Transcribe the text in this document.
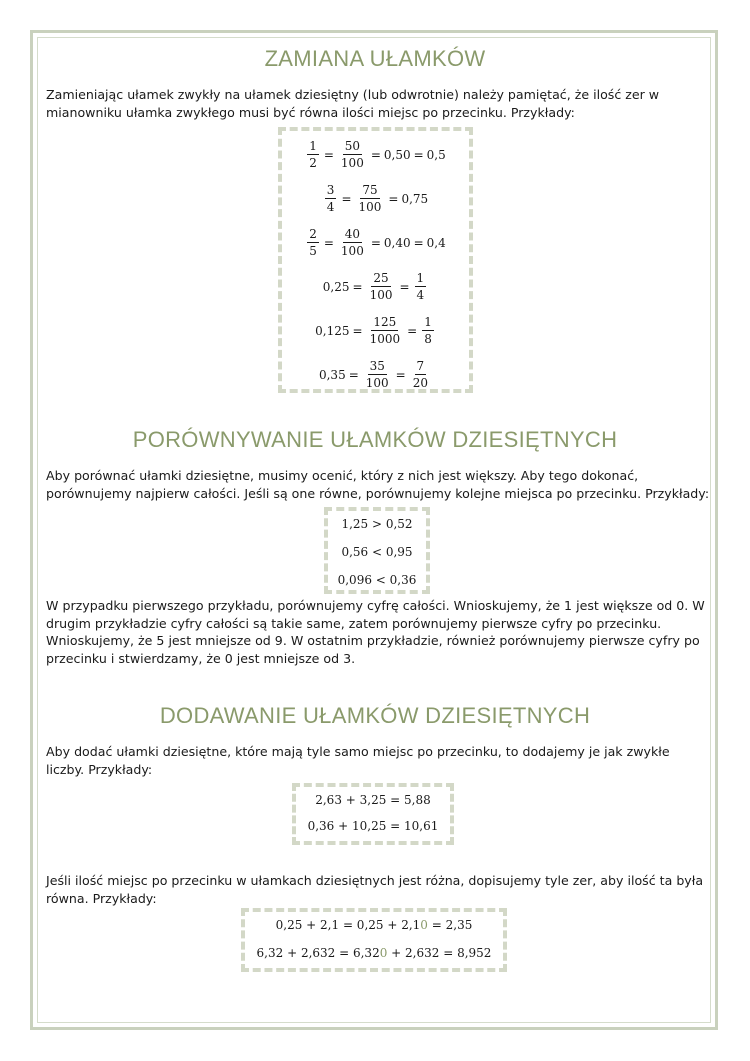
ZAMIANA UŁAMKÓW

Zamieniając ułamek zwykły na ułamek dziesiętny (lub odwrotnie) należy pamiętać, że ilość zer w mianowniku ułamka zwykłego musi być równa ilości miejsc po przecinku. Przykłady:

$\frac{1}{2} = \frac{50}{100} = 0,50 = 0,5$
$\frac{3}{4} = \frac{75}{100} = 0,75$
$\frac{2}{5} = \frac{40}{100} = 0,40 = 0,4$
$0,25 = \frac{25}{100} = \frac{1}{4}$
$0,125 = \frac{125}{1000} = \frac{1}{8}$
$0,35 = \frac{35}{100} = \frac{7}{20}$
PORÓWNYWANIE UŁAMKÓW DZIESIĘTNYCH

Aby porównać ułamki dziesiętne, musimy ocenić, który z nich jest większy. Aby tego dokonać, porównujemy najpierw całości. Jeśli są one równe, porównujemy kolejne miejsca po przecinku. Przykłady:

1,25 > 0,52
0,56 < 0,95
0,096 < 0,36

W przypadku pierwszego przykładu, porównujemy cyfrę całości. Wnioskujemy, że 1 jest większe od 0. W drugim przykładzie cyfry całości są takie same, zatem porównujemy pierwsze cyfry po przecinku. Wnioskujemy, że 5 jest mniejsze od 9. W ostatnim przykładzie, również porównujemy pierwsze cyfry po przecinku i stwierdzamy, że 0 jest mniejsze od 3.

DODAWANIE UŁAMKÓW DZIESIĘTNYCH

Aby dodać ułamki dziesiętne, które mają tyle samo miejsc po przecinku, to dodajemy je jak zwykłe liczby. Przykłady:

2,63 + 3,25 = 5,88
0,36 + 10,25 = 10,61

Jeśli ilość miejsc po przecinku w ułamkach dziesiętnych jest różna, dopisujemy tyle zer, aby ilość ta była równa. Przykłady:

0,25 + 2,1 = 0,25 + 2,10 = 2,35
6,32 + 2,632 = 6,320 + 2,632 = 8,952
